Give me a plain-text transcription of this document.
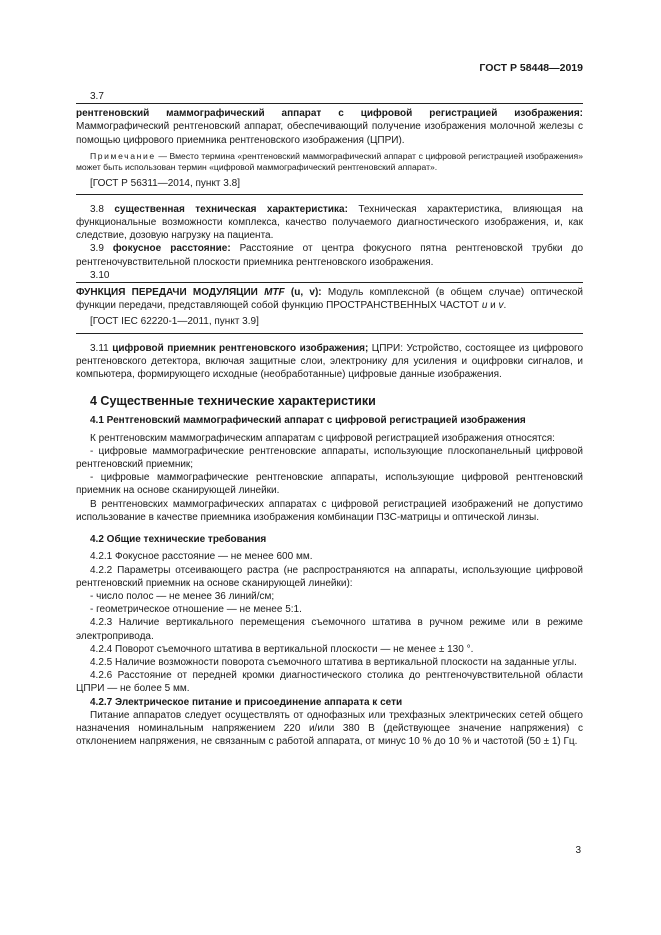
ГОСТ Р 58448—2019

3.7

рентгеновский маммографический аппарат с цифровой регистрацией изображения: Маммографический рентгеновский аппарат, обеспечивающий получение изображения молочной железы с помощью цифрового приемника рентгеновского изображения (ЦПРИ).

Примечание — Вместо термина «рентгеновский маммографический аппарат с цифровой регистрацией изображения» может быть использован термин «цифровой маммографический рентгеновский аппарат».

[ГОСТ Р 56311—2014, пункт 3.8]

3.8 существенная техническая характеристика: Техническая характеристика, влияющая на функциональные возможности комплекса, качество получаемого диагностического изображения, и, как следствие, дозовую нагрузку на пациента.

3.9 фокусное расстояние: Расстояние от центра фокусного пятна рентгеновской трубки до рентгеночувствительной плоскости приемника рентгеновского изображения.

3.10

ФУНКЦИЯ ПЕРЕДАЧИ МОДУЛЯЦИИ MTF (u, v): Модуль комплексной (в общем случае) оптической функции передачи, представляющей собой функцию ПРОСТРАНСТВЕННЫХ ЧАСТОТ u и v.

[ГОСТ IEC 62220-1—2011, пункт 3.9]

3.11 цифровой приемник рентгеновского изображения; ЦПРИ: Устройство, состоящее из цифрового рентгеновского детектора, включая защитные слои, электронику для усиления и оцифровки сигналов, и компьютера, формирующего исходные (необработанные) цифровые данные изображения.

4 Существенные технические характеристики
4.1 Рентгеновский маммографический аппарат с цифровой регистрацией изображения

К рентгеновским маммографическим аппаратам с цифровой регистрацией изображения относятся:

- цифровые маммографические рентгеновские аппараты, использующие плоскопанельный цифровой рентгеновский приемник;

- цифровые маммографические рентгеновские аппараты, использующие цифровой рентгеновский приемник на основе сканирующей линейки.

В рентгеновских маммографических аппаратах с цифровой регистрацией изображений не допустимо использование в качестве приемника изображения комбинации ПЗС-матрицы и оптической линзы.

4.2 Общие технические требования

4.2.1 Фокусное расстояние — не менее 600 мм.

4.2.2 Параметры отсеивающего растра (не распространяются на аппараты, использующие цифровой рентгеновский приемник на основе сканирующей линейки):

- число полос — не менее 36 линий/см;

- геометрическое отношение — не менее 5:1.

4.2.3 Наличие вертикального перемещения съемочного штатива в ручном режиме или в режиме электропривода.

4.2.4 Поворот съемочного штатива в вертикальной плоскости — не менее ± 130 °.

4.2.5 Наличие возможности поворота съемочного штатива в вертикальной плоскости на заданные углы.

4.2.6 Расстояние от передней кромки диагностического столика до рентгеночувствительной области ЦПРИ — не более 5 мм.

4.2.7 Электрическое питание и присоединение аппарата к сети

Питание аппаратов следует осуществлять от однофазных или трехфазных электрических сетей общего назначения номинальным напряжением 220 и/или 380 В (действующее значение напряжения) с отклонением напряжения, не связанным с работой аппарата, от минус 10 % до 10 % и частотой (50 ± 1) Гц.

3
